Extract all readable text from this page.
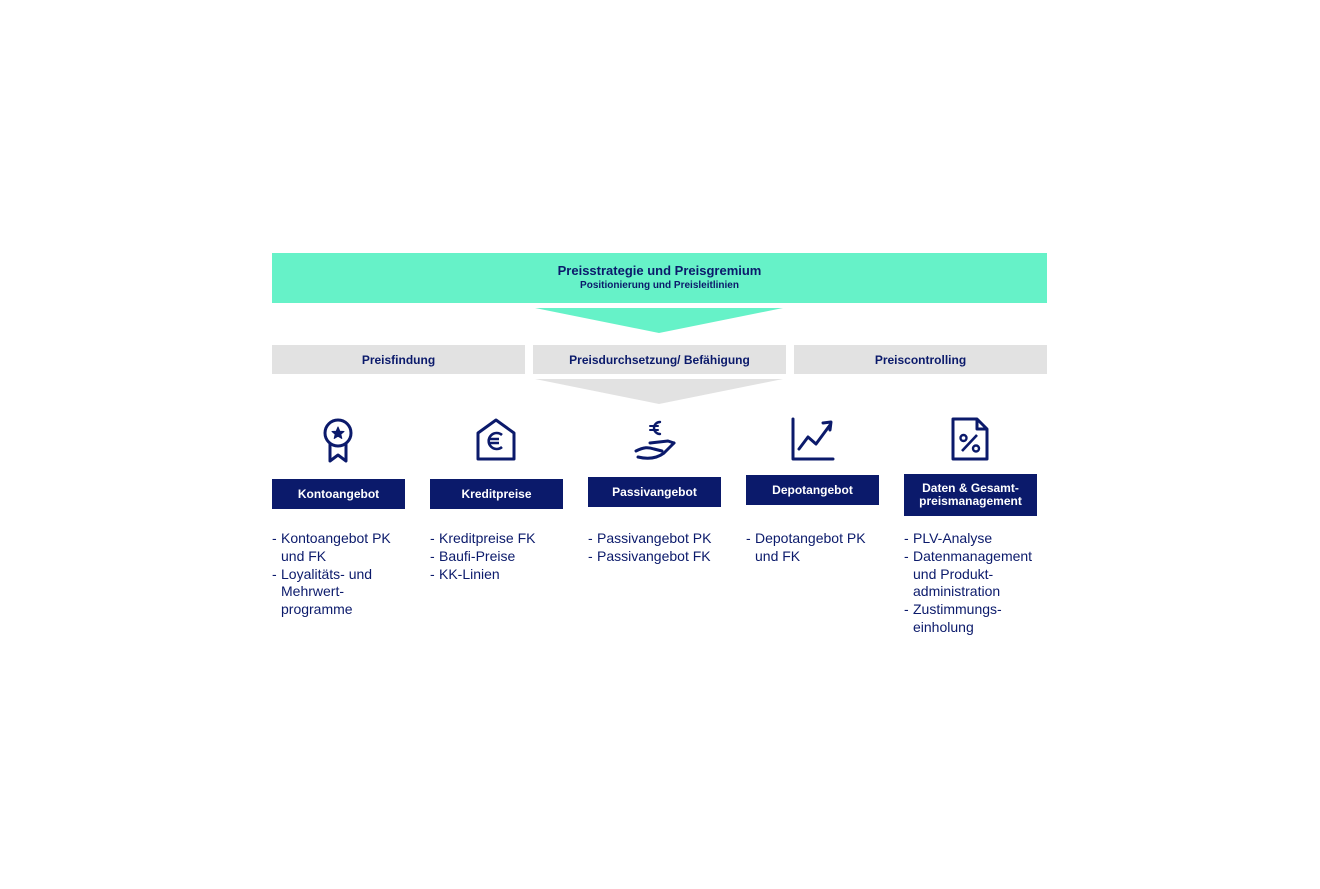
Preisstrategie und Preisgremium
Positionierung und Preisleitlinien
Preisfindung	Preisdurchsetzung/ Befähigung	Preiscontrolling
Kontoangebot
- Kontoangebot PK und FK
- Loyalitäts- und Mehrwert-programme
Kreditpreise
- Kreditpreise FK
- Baufi-Preise
- KK-Linien
Passivangebot
- Passivangebot PK
- Passivangebot FK
Depotangebot
- Depotangebot PK und FK
Daten & Gesamt-preismanagement
- PLV-Analyse
- Datenmanagement und Produkt-administration
- Zustimmungs-einholung
